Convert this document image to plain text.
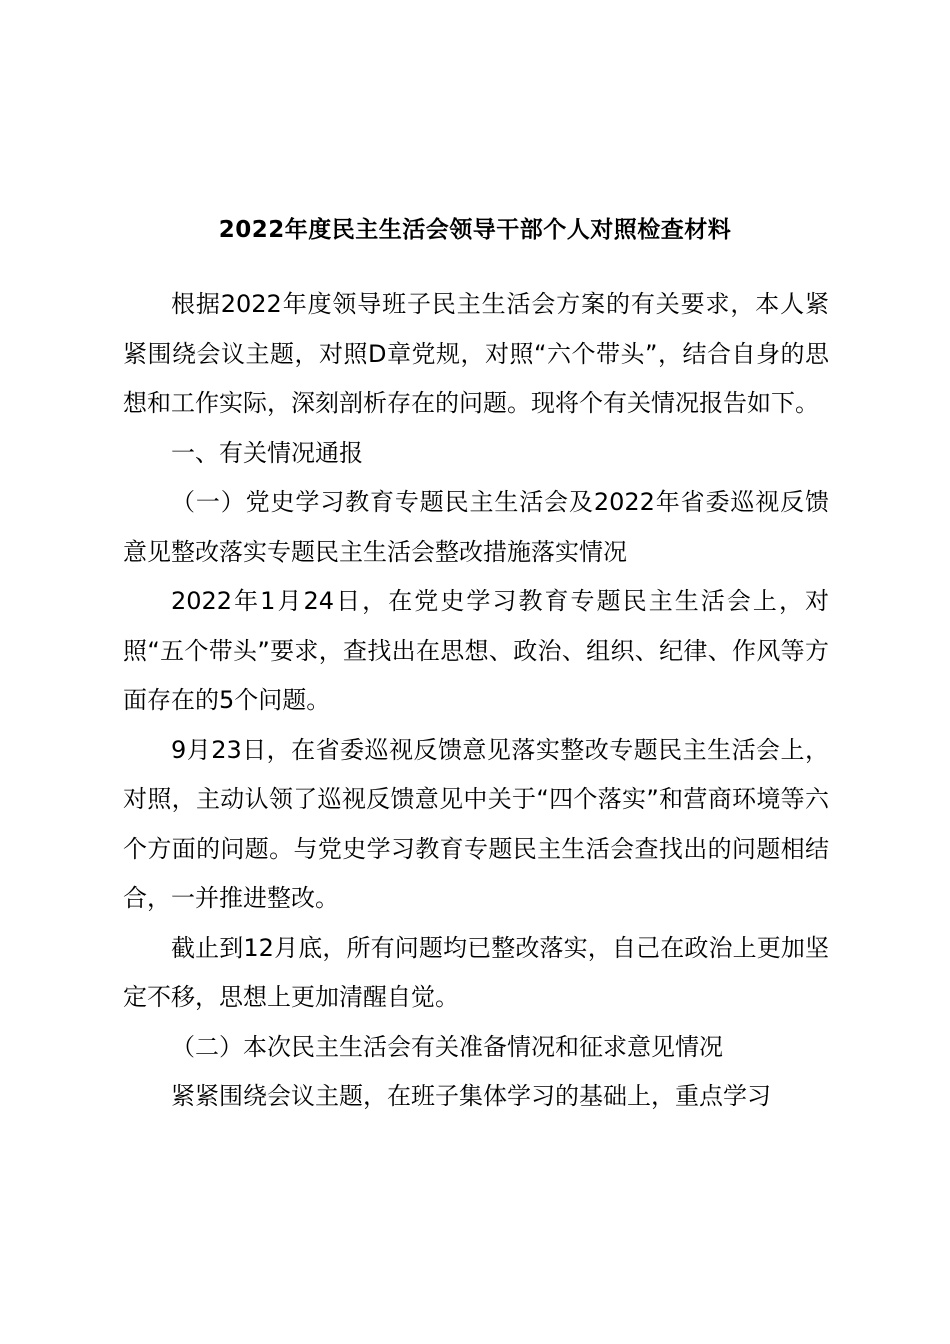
2022年度民主生活会领导干部个人对照检查材料

根据2022年度领导班子民主生活会方案的有关要求，本人紧紧围绕会议主题，对照D章党规，对照“六个带头”，结合自身的思想和工作实际，深刻剖析存在的问题。现将个有关情况报告如下。

一、有关情况通报

（一）党史学习教育专题民主生活会及2022年省委巡视反馈意见整改落实专题民主生活会整改措施落实情况

2022年1月24日，在党史学习教育专题民主生活会上，对照“五个带头”要求，查找出在思想、政治、组织、纪律、作风等方面存在的5个问题。

9月23日，在省委巡视反馈意见落实整改专题民主生活会上，对照，主动认领了巡视反馈意见中关于“四个落实”和营商环境等六个方面的问题。与党史学习教育专题民主生活会查找出的问题相结合，一并推进整改。

截止到12月底，所有问题均已整改落实，自己在政治上更加坚定不移，思想上更加清醒自觉。

（二）本次民主生活会有关准备情况和征求意见情况

紧紧围绕会议主题，在班子集体学习的基础上，重点学习
